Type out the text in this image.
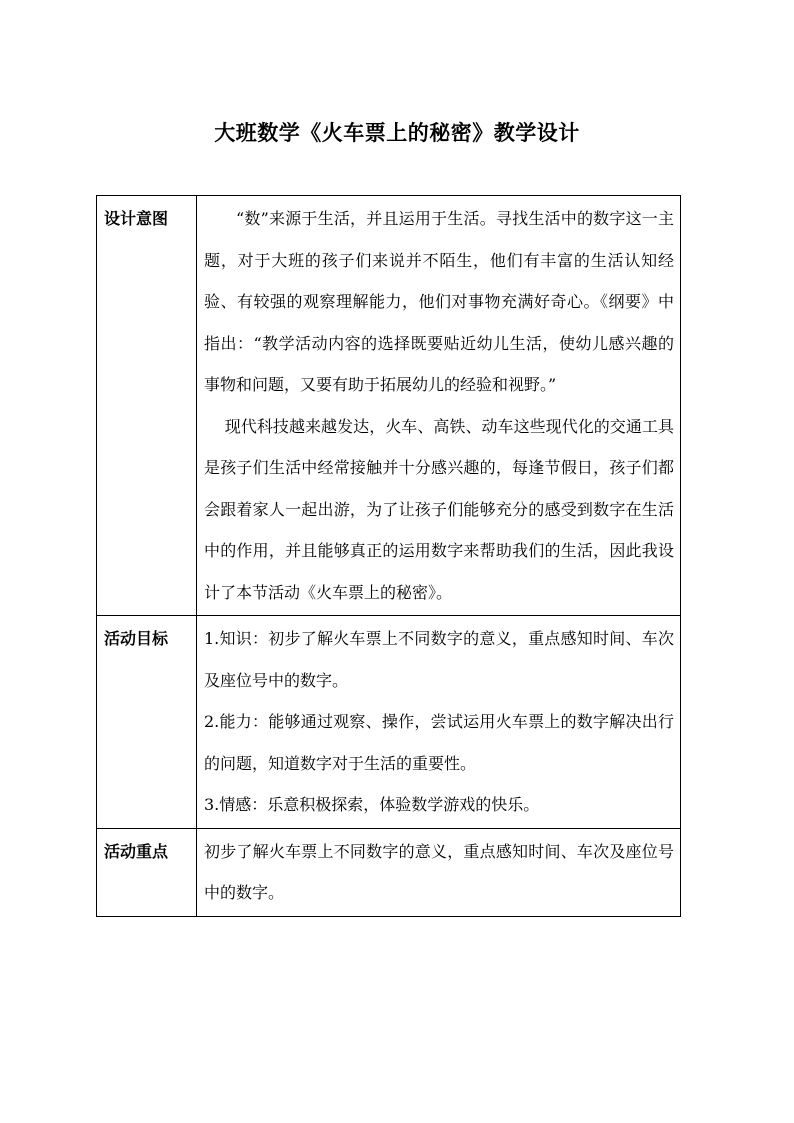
大班数学《火车票上的秘密》教学设计
设计意图	“数”来源于生活，并且运用于生活。寻找生活中的数字这一主题，对于大班的孩子们来说并不陌生，他们有丰富的生活认知经验、有较强的观察理解能力，他们对事物充满好奇心。《纲要》中指出：“教学活动内容的选择既要贴近幼儿生活，使幼儿感兴趣的事物和问题，又要有助于拓展幼儿的经验和视野。”

现代科技越来越发达，火车、高铁、动车这些现代化的交通工具是孩子们生活中经常接触并十分感兴趣的，每逢节假日，孩子们都会跟着家人一起出游，为了让孩子们能够充分的感受到数字在生活中的作用，并且能够真正的运用数字来帮助我们的生活，因此我设计了本节活动《火车票上的秘密》。

活动目标	1.知识：初步了解火车票上不同数字的意义，重点感知时间、车次及座位号中的数字。

2.能力：能够通过观察、操作，尝试运用火车票上的数字解决出行的问题，知道数字对于生活的重要性。

3.情感：乐意积极探索，体验数学游戏的快乐。

活动重点	初步了解火车票上不同数字的意义，重点感知时间、车次及座位号中的数字。
